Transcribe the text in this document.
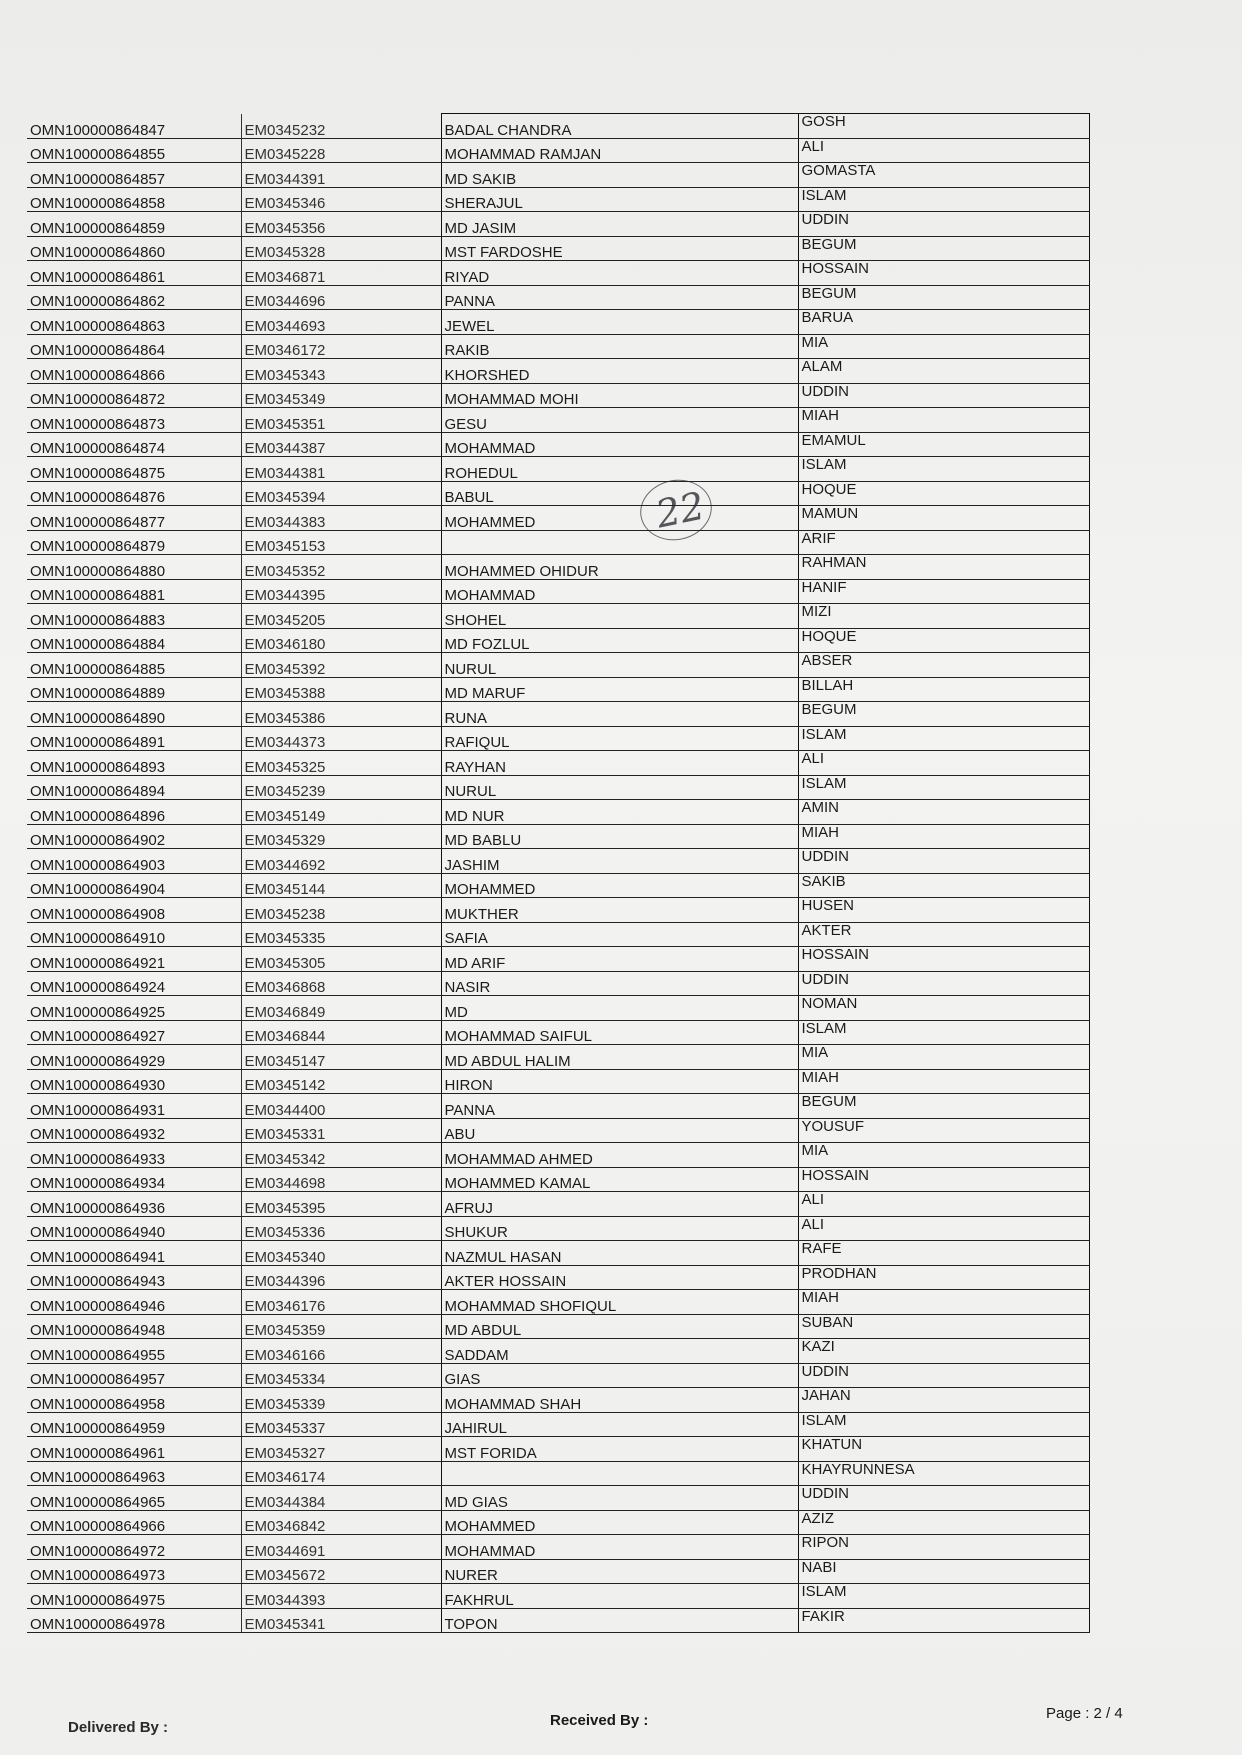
22
OMN100000864847	EM0345232	BADAL CHANDRA	GOSH
OMN100000864855	EM0345228	MOHAMMAD RAMJAN	ALI
OMN100000864857	EM0344391	MD SAKIB	GOMASTA
OMN100000864858	EM0345346	SHERAJUL	ISLAM
OMN100000864859	EM0345356	MD JASIM	UDDIN
OMN100000864860	EM0345328	MST FARDOSHE	BEGUM
OMN100000864861	EM0346871	RIYAD	HOSSAIN
OMN100000864862	EM0344696	PANNA	BEGUM
OMN100000864863	EM0344693	JEWEL	BARUA
OMN100000864864	EM0346172	RAKIB	MIA
OMN100000864866	EM0345343	KHORSHED	ALAM
OMN100000864872	EM0345349	MOHAMMAD MOHI	UDDIN
OMN100000864873	EM0345351	GESU	MIAH
OMN100000864874	EM0344387	MOHAMMAD	EMAMUL
OMN100000864875	EM0344381	ROHEDUL	ISLAM
OMN100000864876	EM0345394	BABUL	HOQUE
OMN100000864877	EM0344383	MOHAMMED	MAMUN
OMN100000864879	EM0345153		ARIF
OMN100000864880	EM0345352	MOHAMMED OHIDUR	RAHMAN
OMN100000864881	EM0344395	MOHAMMAD	HANIF
OMN100000864883	EM0345205	SHOHEL	MIZI
OMN100000864884	EM0346180	MD FOZLUL	HOQUE
OMN100000864885	EM0345392	NURUL	ABSER
OMN100000864889	EM0345388	MD MARUF	BILLAH
OMN100000864890	EM0345386	RUNA	BEGUM
OMN100000864891	EM0344373	RAFIQUL	ISLAM
OMN100000864893	EM0345325	RAYHAN	ALI
OMN100000864894	EM0345239	NURUL	ISLAM
OMN100000864896	EM0345149	MD NUR	AMIN
OMN100000864902	EM0345329	MD BABLU	MIAH
OMN100000864903	EM0344692	JASHIM	UDDIN
OMN100000864904	EM0345144	MOHAMMED	SAKIB
OMN100000864908	EM0345238	MUKTHER	HUSEN
OMN100000864910	EM0345335	SAFIA	AKTER
OMN100000864921	EM0345305	MD ARIF	HOSSAIN
OMN100000864924	EM0346868	NASIR	UDDIN
OMN100000864925	EM0346849	MD	NOMAN
OMN100000864927	EM0346844	MOHAMMAD SAIFUL	ISLAM
OMN100000864929	EM0345147	MD ABDUL HALIM	MIA
OMN100000864930	EM0345142	HIRON	MIAH
OMN100000864931	EM0344400	PANNA	BEGUM
OMN100000864932	EM0345331	ABU	YOUSUF
OMN100000864933	EM0345342	MOHAMMAD AHMED	MIA
OMN100000864934	EM0344698	MOHAMMED KAMAL	HOSSAIN
OMN100000864936	EM0345395	AFRUJ	ALI
OMN100000864940	EM0345336	SHUKUR	ALI
OMN100000864941	EM0345340	NAZMUL HASAN	RAFE
OMN100000864943	EM0344396	AKTER HOSSAIN	PRODHAN
OMN100000864946	EM0346176	MOHAMMAD SHOFIQUL	MIAH
OMN100000864948	EM0345359	MD ABDUL	SUBAN
OMN100000864955	EM0346166	SADDAM	KAZI
OMN100000864957	EM0345334	GIAS	UDDIN
OMN100000864958	EM0345339	MOHAMMAD SHAH	JAHAN
OMN100000864959	EM0345337	JAHIRUL	ISLAM
OMN100000864961	EM0345327	MST FORIDA	KHATUN
OMN100000864963	EM0346174		KHAYRUNNESA
OMN100000864965	EM0344384	MD GIAS	UDDIN
OMN100000864966	EM0346842	MOHAMMED	AZIZ
OMN100000864972	EM0344691	MOHAMMAD	RIPON
OMN100000864973	EM0345672	NURER	NABI
OMN100000864975	EM0344393	FAKHRUL	ISLAM
OMN100000864978	EM0345341	TOPON	FAKIR
Delivered By :	Received By :	Page : 2 / 4
